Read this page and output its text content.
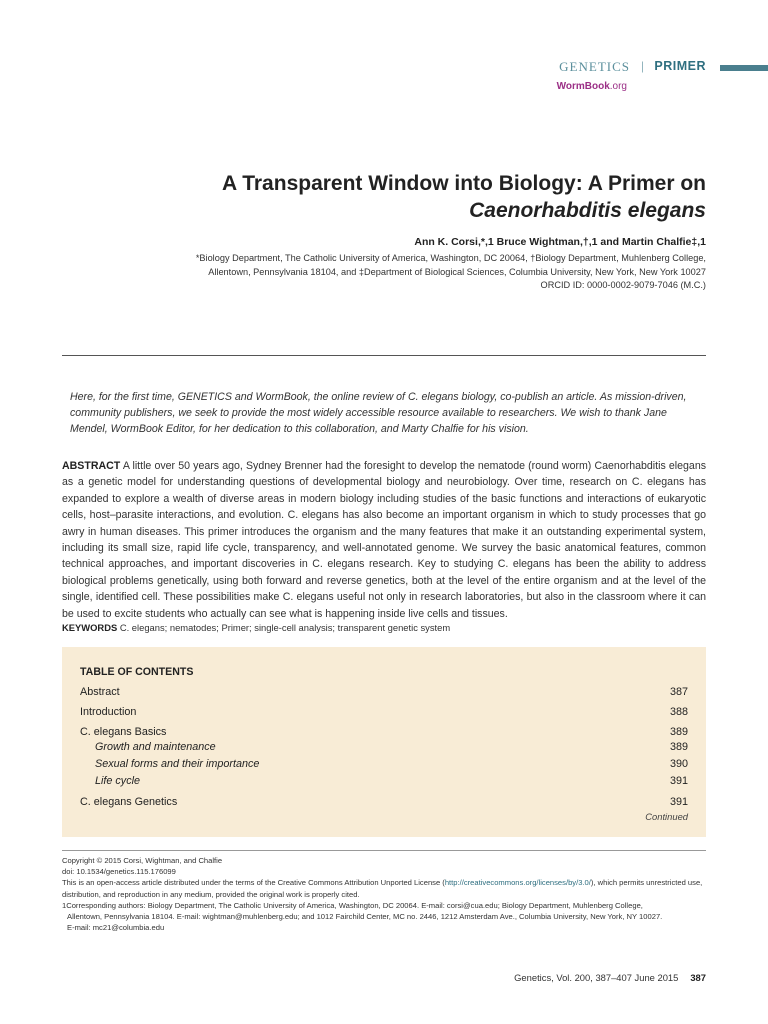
GENETICS | PRIMER
WormBook.org
A Transparent Window into Biology: A Primer on
Caenorhabditis elegans
Ann K. Corsi,*,1 Bruce Wightman,†,1 and Martin Chalfie‡,1
*Biology Department, The Catholic University of America, Washington, DC 20064, †Biology Department, Muhlenberg College,
Allentown, Pennsylvania 18104, and ‡Department of Biological Sciences, Columbia University, New York, New York 10027
ORCID ID: 0000-0002-9079-7046 (M.C.)
Here, for the first time, GENETICS and WormBook, the online review of C. elegans biology, co-publish an article. As mission-driven, community publishers, we seek to provide the most widely accessible resource available to researchers. We wish to thank Jane Mendel, WormBook Editor, for her dedication to this collaboration, and Marty Chalfie for his vision.
ABSTRACT A little over 50 years ago, Sydney Brenner had the foresight to develop the nematode (round worm) Caenorhabditis elegans as a genetic model for understanding questions of developmental biology and neurobiology. Over time, research on C. elegans has expanded to explore a wealth of diverse areas in modern biology including studies of the basic functions and interactions of eukaryotic cells, host–parasite interactions, and evolution. C. elegans has also become an important organism in which to study processes that go awry in human diseases. This primer introduces the organism and the many features that make it an outstanding experimental system, including its small size, rapid life cycle, transparency, and well-annotated genome. We survey the basic anatomical features, common technical approaches, and important discoveries in C. elegans research. Key to studying C. elegans has been the ability to address biological problems genetically, using both forward and reverse genetics, both at the level of the entire organism and at the level of the single, identified cell. These possibilities make C. elegans useful not only in research laboratories, but also in the classroom where it can be used to excite students who actually can see what is happening inside live cells and tissues.
KEYWORDS C. elegans; nematodes; Primer; single-cell analysis; transparent genetic system
TABLE OF CONTENTS
Abstract	387
Introduction	388
C. elegans Basics	389
Growth and maintenance	389
Sexual forms and their importance	390
Life cycle	391
C. elegans Genetics	391
Continued
Copyright © 2015 Corsi, Wightman, and Chalfie
doi: 10.1534/genetics.115.176099
This is an open-access article distributed under the terms of the Creative Commons Attribution Unported License (http://creativecommons.org/licenses/by/3.0/), which permits unrestricted use, distribution, and reproduction in any medium, provided the original work is properly cited.
1Corresponding authors: Biology Department, The Catholic University of America, Washington, DC 20064. E-mail: corsi@cua.edu; Biology Department, Muhlenberg College,
Allentown, Pennsylvania 18104. E-mail: wightman@muhlenberg.edu; and 1012 Fairchild Center, MC no. 2446, 1212 Amsterdam Ave., Columbia University, New York, NY 10027.
E-mail: mc21@columbia.edu
Genetics, Vol. 200, 387–407 June 2015 387
